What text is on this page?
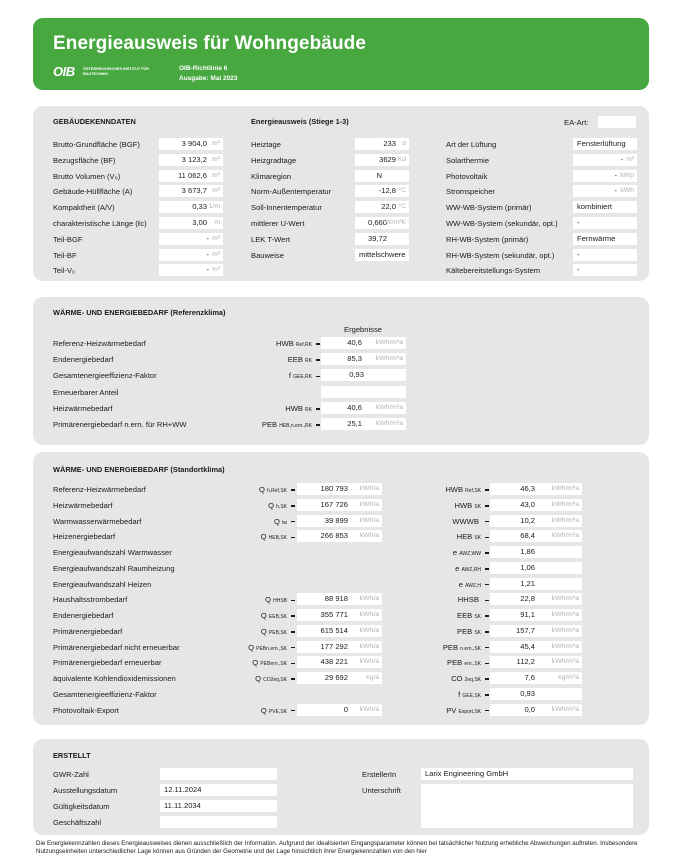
Energieausweis für Wohngebäude
OIB ÖSTERREICHISCHES INSTITUT FÜR BAUTECHNIK
OIB-Richtlinie 6
Ausgabe: Mai 2023
GEBÄUDEKENNDATEN	Energieausweis (Stiege 1-3)	EA-Art:
Brutto-Grundfläche (BGF)	3 904,0 m²
Bezugsfläche (BF)	3 123,2 m²
Brutto Volumen (V₀)	11 062,6 m³
Gebäude-Hüllfläche (A)	3 673,7 m²
Kompaktheit (A/V)	0,33 1/m
charakteristische Länge (ℓc)	3,00 m
Teil-BGF	- m²
Teil-BF	- m²
Teil-V₀	- m³
Heiztage	233 d
Heizgradtage	3629 Kd
Klimaregion	N
Norm-Außentemperatur	-12,8 °C
Soll-Innentemperatur	22,0 °C
mittlerer U-Wert	0,660
W/m²K
LEK T-Wert	39,72
Bauweise	mittelschwere
Art der Lüftung	Fensterlüftung
Solarthermie	- m²
Photovoltaik	- kWp
Stromspeicher	- kWh
WW-WB-System (primär)	kombiniert
WW-WB-System (sekundär, opt.)	-
RH-WB-System (primär)	Fernwärme
RH-WB-System (sekundär, opt.)	-
Kältebereitstellungs-System	-
WÄRME- UND ENERGIEBEDARF (Referenzklima)
Ergebnisse
Referenz-Heizwärmebedarf	HWB Ref,RK	40,6 kWh/m²a
Endenergiebedarf	EEB RK	85,3 kWh/m²a
Gesamtenergieeffizienz-Faktor	f GEE,RK	0,93
Erneuerbarer Anteil
Heizwärmebedarf	HWB RK	40,6 kWh/m²a
Primärenergiebedarf n.ern. für RH+WW	PEB HEB,n.ern.,RK	25,1 kWh/m²a
WÄRME- UND ENERGIEBEDARF (Standortklima)
Referenz-Heizwärmebedarf	Q h,Ref,SK	180 793 kWh/a	HWB Ref,SK	46,3 kWh/m²a
Heizwärmebedarf	Q h,SK	167 726 kWh/a	HWB SK	43,0 kWh/m²a
Warmwasserwärmebedarf	Q tw	39 899 kWh/a	WWWB	10,2 kWh/m²a
Heizenergiebedarf	Q HEB,SK	266 853 kWh/a	HEB SK	68,4 kWh/m²a
Energieaufwandszahl Warmwasser	e AWZ,WW	1,86
Energieaufwandszahl Raumheizung	e AWZ,RH	1,06
Energieaufwandszahl Heizen	e AWZ,H	1,21
Haushaltsstrombedarf	Q HHSB	88 918 kWh/a	HHSB	22,8 kWh/m²a
Endenergiebedarf	Q EEB,SK	355 771 kWh/a	EEB SK	91,1 kWh/m²a
Primärenergiebedarf	Q PEB,SK	615 514 kWh/a	PEB SK	157,7 kWh/m²a
Primärenergiebedarf nicht erneuerbar	Q PEBn.ern.,SK	177 292 kWh/a	PEB n.ern.,SK	45,4 kWh/m²a
Primärenergiebedarf erneuerbar	Q PEBern.,SK	438 221 kWh/a	PEB ern.,SK	112,2 kWh/m²a
äquivalente Kohlendioxidemissionen	Q CO2eq,SK	29 692	kg/a	CO 2eq,SK	7,6	kg/m²a
Gesamtenergieeffizienz-Faktor	f GEE,SK	0,93
Photovoltaik-Export	Q PVE,SK	0 kWh/a	PV Export,SK	0,0 kWh/m²a
ERSTELLT
GWR-Zahl
Ausstellungsdatum	12.11.2024
Gültigkeitsdatum	11.11.2034
Geschäftszahl
ErstellerIn	Larix Engineering GmbH
Unterschrift
Die Energiekennzahlen dieses Energieausweises dienen ausschließlich der Information. Aufgrund der idealisierten Eingangsparameter können bei tatsächlicher Nutzung erhebliche Abweichungen auftreten. Insbesondere Nutzungseinheiten unterschiedlicher Lage können aus Gründen der Geometrie und der Lage hinsichtlich ihrer Energiekennzahlen von den hier
